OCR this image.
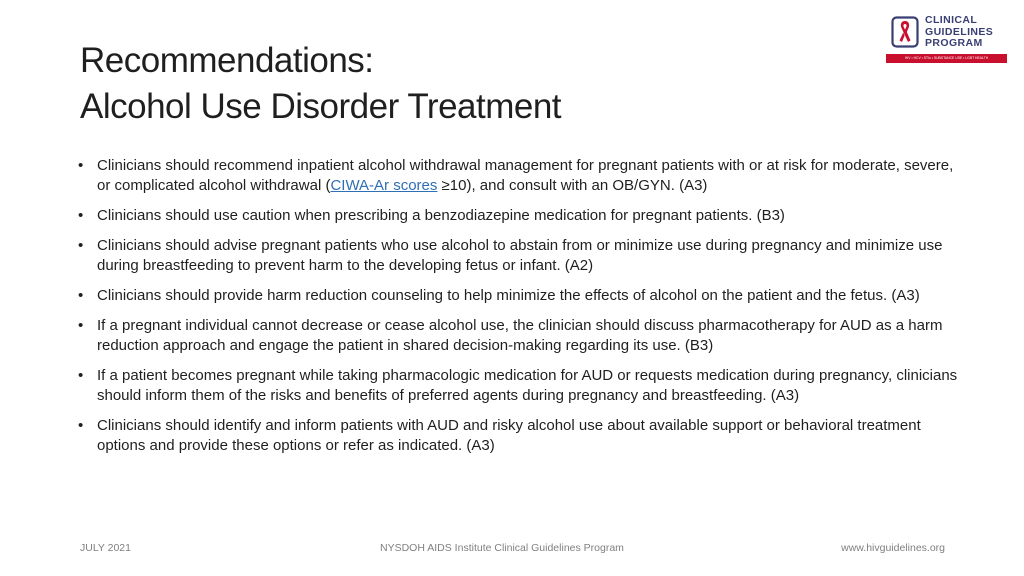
Recommendations:
Alcohol Use Disorder Treatment
CLINICAL
GUIDELINES
PROGRAM
HIV • HCV • STIs • SUBSTANCE USE • LGBT HEALTH
• Clinicians should recommend inpatient alcohol withdrawal management for pregnant patients with or at risk for moderate, severe, or complicated alcohol withdrawal (CIWA-Ar scores ≥10), and consult with an OB/GYN. (A3)
• Clinicians should use caution when prescribing a benzodiazepine medication for pregnant patients. (B3)
• Clinicians should advise pregnant patients who use alcohol to abstain from or minimize use during pregnancy and minimize use during breastfeeding to prevent harm to the developing fetus or infant. (A2)
• Clinicians should provide harm reduction counseling to help minimize the effects of alcohol on the patient and the fetus. (A3)
• If a pregnant individual cannot decrease or cease alcohol use, the clinician should discuss pharmacotherapy for AUD as a harm reduction approach and engage the patient in shared decision-making regarding its use. (B3)
• If a patient becomes pregnant while taking pharmacologic medication for AUD or requests medication during pregnancy, clinicians should inform them of the risks and benefits of preferred agents during pregnancy and breastfeeding. (A3)
• Clinicians should identify and inform patients with AUD and risky alcohol use about available support or behavioral treatment options and provide these options or refer as indicated. (A3)
JULY 2021	NYSDOH AIDS Institute Clinical Guidelines Program	www.hivguidelines.org
